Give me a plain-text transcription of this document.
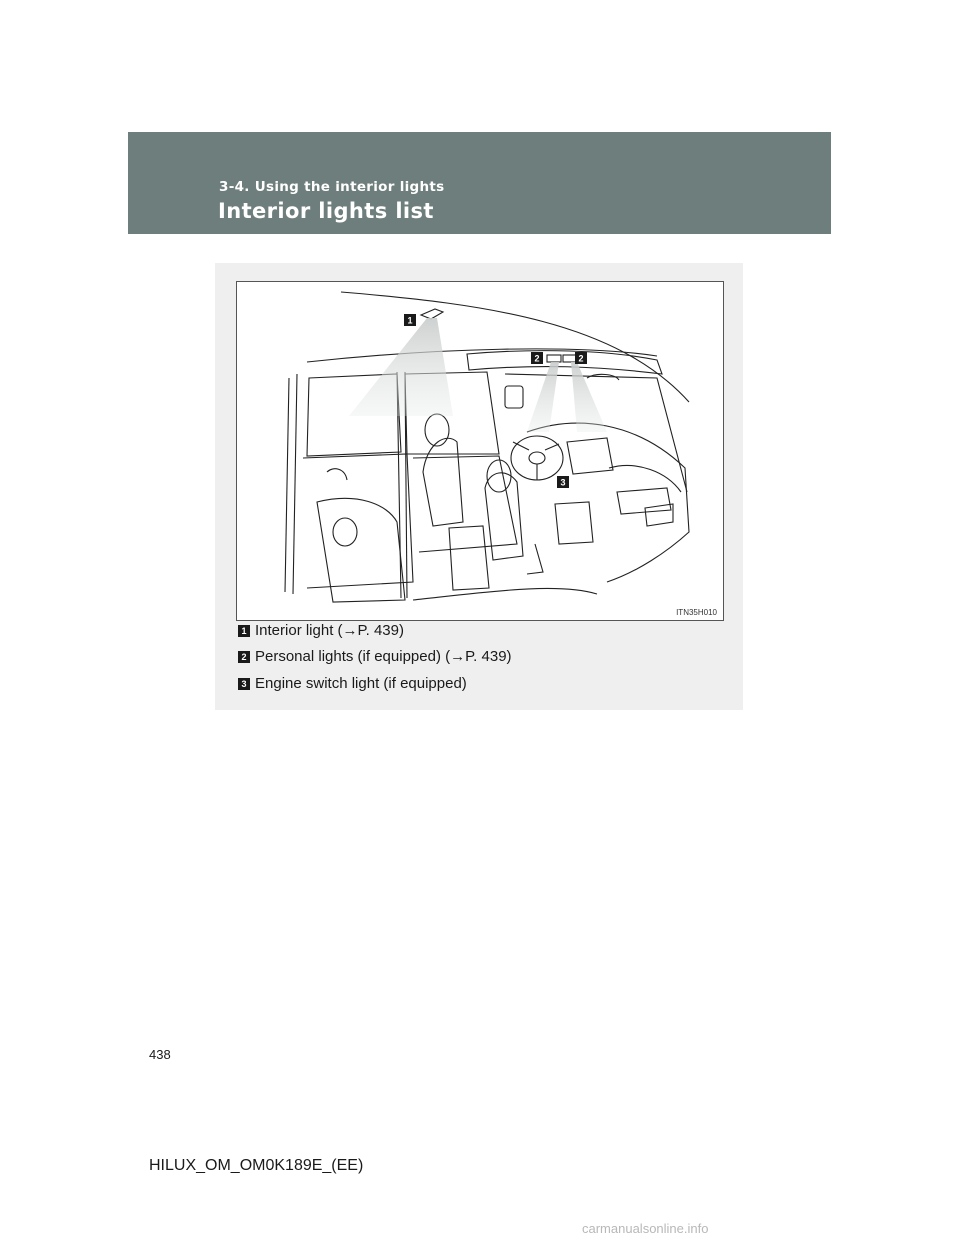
3-4. Using the interior lights
Interior lights list
1
2	2
3
ITN35H010
1 Interior light (→P. 439)
2 Personal lights (if equipped) (→P. 439)
3 Engine switch light (if equipped)
438
HILUX_OM_OM0K189E_(EE)
carmanualsonline.info
